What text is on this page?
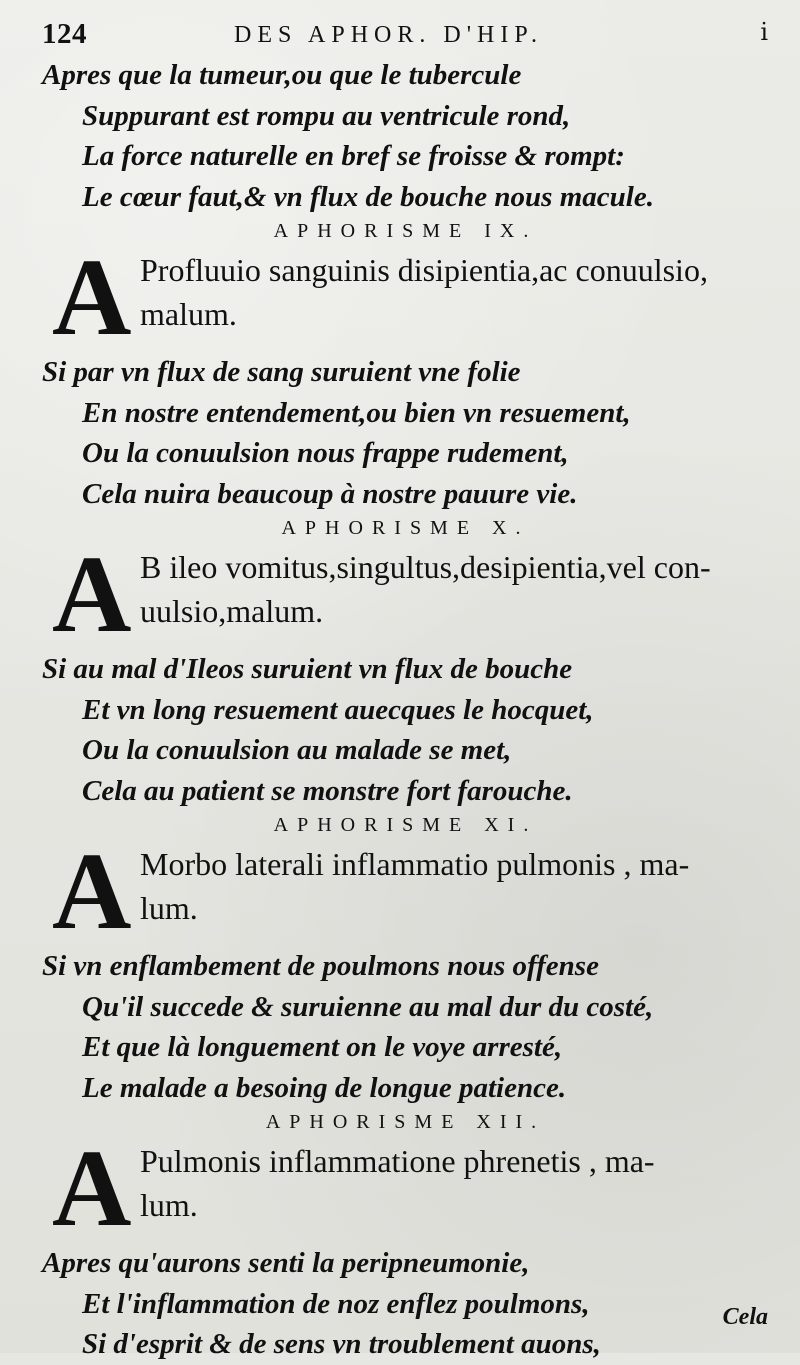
124	DES APHOR. D'HIP.	i
Apres que la tumeur,ou que le tubercule
Suppurant est rompu au ventricule rond,
La force naturelle en bref se froisse & rompt:
Le cœur faut,& vn flux de bouche nous macule.
APHORISME IX.
A Profluuio sanguinis disipientia,ac conuulsio,
malum.
Si par vn flux de sang suruient vne folie
En nostre entendement,ou bien vn resuement,
Ou la conuulsion nous frappe rudement,
Cela nuira beaucoup à nostre pauure vie.
APHORISME X.
A B ileo vomitus,singultus,desipientia,vel con-
uulsio,malum.
Si au mal d'Ileos suruient vn flux de bouche
Et vn long resuement auecques le hocquet,
Ou la conuulsion au malade se met,
Cela au patient se monstre fort farouche.
APHORISME XI.
A Morbo laterali inflammatio pulmonis , ma-
lum.
Si vn enflambement de poulmons nous offense
Qu'il succede & suruienne au mal dur du costé,
Et que là longuement on le voye arresté,
Le malade a besoing de longue patience.
APHORISME XII.
A Pulmonis inflammatione phrenetis , ma-
lum.
Apres qu'aurons senti la peripneumonie,
Et l'inflammation de noz enflez poulmons,
Si d'esprit & de sens vn troublement auons,
Cela
